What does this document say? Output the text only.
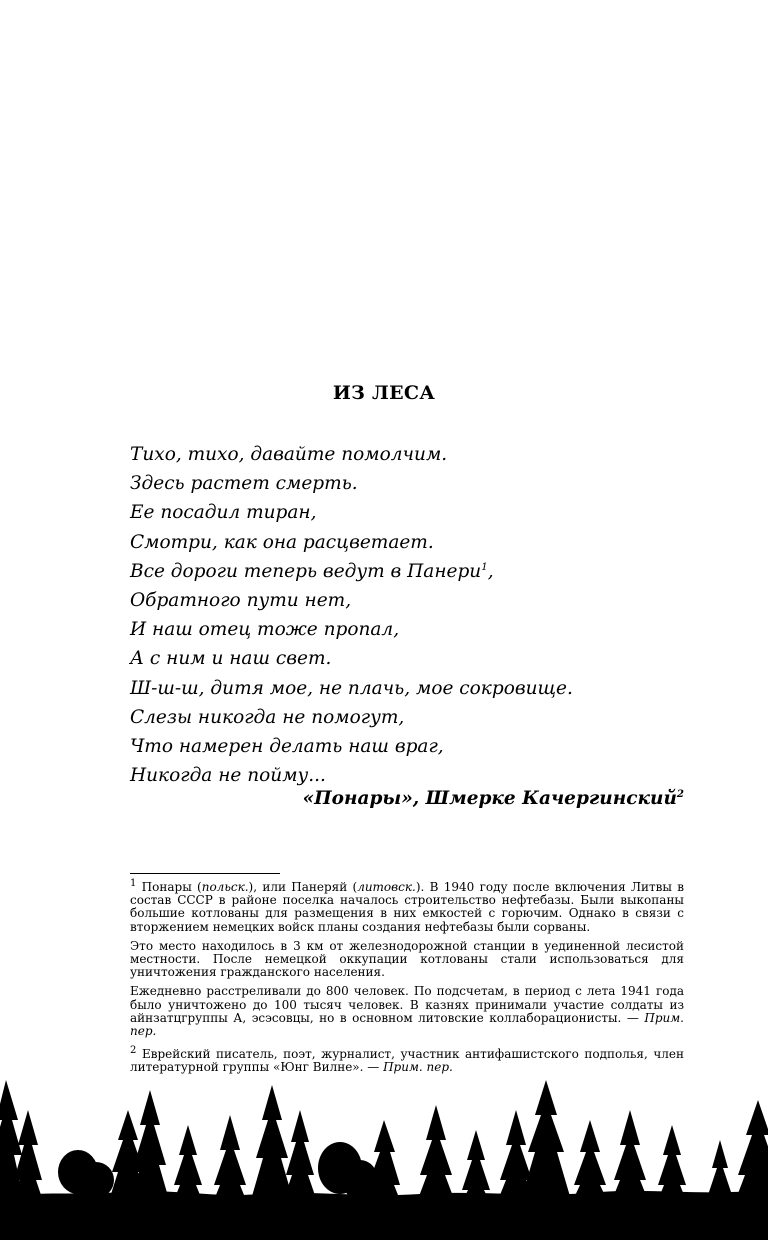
ИЗ ЛЕСА
Тихо, тихо, давайте помолчим.
Здесь растет смерть.
Ее посадил тиран,
Смотри, как она расцветает.
Все дороги теперь ведут в Панери$^1$,
Обратного пути нет,
И наш отец тоже пропал,
А с ним и наш свет.
Ш-ш-ш, дитя мое, не плачь, мое сокровище.
Слезы никогда не помогут,
Что намерен делать наш враг,
Никогда не пойму...
«Понары», Шмерке Качергинский$^2$

$^1$ Понары (польск.), или Панеряй (литовск.). В 1940 году после включения Литвы в состав СССР в районе поселка началось строительство нефтебазы. Были выкопаны большие котлованы для размещения в них емкостей с горючим. Однако в связи с вторжением немецких войск планы создания нефтебазы были сорваны.

Это место находилось в 3 км от железнодорожной станции в уединенной лесистой местности. После немецкой оккупации котлованы стали использоваться для уничтожения гражданского населения.

Ежедневно расстреливали до 800 человек. По подсчетам, в период с лета 1941 года было уничтожено до 100 тысяч человек. В казнях принимали участие солдаты из айнзатцгруппы А, эсэсовцы, но в основном литовские коллаборационисты. — Прим. пер.

$^2$ Еврейский писатель, поэт, журналист, участник антифашистского подполья, член литературной группы «Юнг Вилне». — Прим. пер.
